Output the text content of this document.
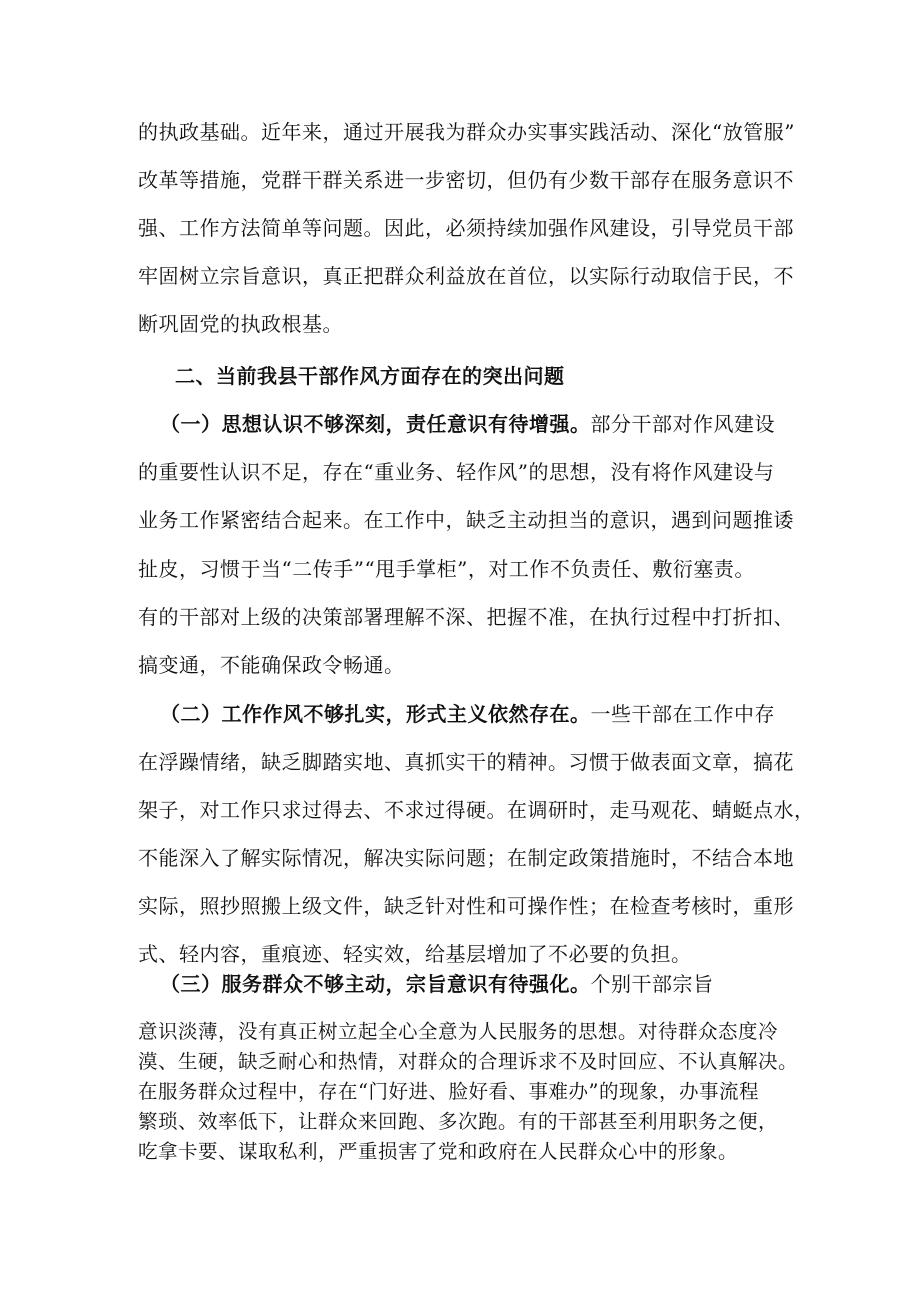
的执政基础。近年来，通过开展我为群众办实事实践活动、深化“放管服”
改革等措施，党群干群关系进一步密切，但仍有少数干部存在服务意识不
强、工作方法简单等问题。因此，必须持续加强作风建设，引导党员干部
牢固树立宗旨意识，真正把群众利益放在首位，以实际行动取信于民，不
断巩固党的执政根基。
二、当前我县干部作风方面存在的突出问题
（一）思想认识不够深刻，责任意识有待增强。部分干部对作风建设
的重要性认识不足，存在“重业务、轻作风”的思想，没有将作风建设与
业务工作紧密结合起来。在工作中，缺乏主动担当的意识，遇到问题推诿
扯皮，习惯于当“二传手”“甩手掌柜”，对工作不负责任、敷衍塞责。
有的干部对上级的决策部署理解不深、把握不准，在执行过程中打折扣、
搞变通，不能确保政令畅通。
（二）工作作风不够扎实，形式主义依然存在。一些干部在工作中存
在浮躁情绪，缺乏脚踏实地、真抓实干的精神。习惯于做表面文章，搞花
架子，对工作只求过得去、不求过得硬。在调研时，走马观花、蜻蜓点水，
不能深入了解实际情况，解决实际问题；在制定政策措施时，不结合本地
实际，照抄照搬上级文件，缺乏针对性和可操作性；在检查考核时，重形
式、轻内容，重痕迹、轻实效，给基层增加了不必要的负担。
（三）服务群众不够主动，宗旨意识有待强化。个别干部宗旨
意识淡薄，没有真正树立起全心全意为人民服务的思想。对待群众态度冷
漠、生硬，缺乏耐心和热情，对群众的合理诉求不及时回应、不认真解决。
在服务群众过程中，存在“门好进、脸好看、事难办”的现象，办事流程
繁琐、效率低下，让群众来回跑、多次跑。有的干部甚至利用职务之便，
吃拿卡要、谋取私利，严重损害了党和政府在人民群众心中的形象。
